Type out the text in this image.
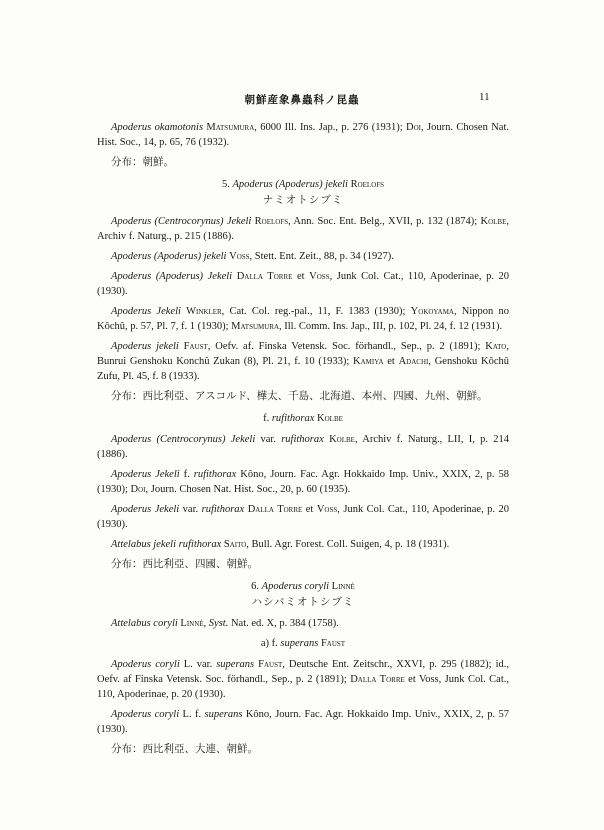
朝鮮産象鼻蟲科ノ昆蟲	11

Apoderus okamotonis Matsumura, 6000 Ill. Ins. Jap., p. 276 (1931); Doi, Journ. Chosen Nat. Hist. Soc., 14, p. 65, 76 (1932).

分布：朝鮮。

5. Apoderus (Apoderus) jekeli Roelofs
ナミオトシブミ

Apoderus (Centrocorynus) Jekeli Roelofs, Ann. Soc. Ent. Belg., XVII, p. 132 (1874); Kolbe, Archiv f. Naturg., p. 215 (1886).

Apoderus (Apoderus) jekeli Voss, Stett. Ent. Zeit., 88, p. 34 (1927).

Apoderus (Apoderus) Jekeli Dalla Torre et Voss, Junk Col. Cat., 110, Apoderinae, p. 20 (1930).

Apoderus Jekeli Winkler, Cat. Col. reg.-pal., 11, F. 1383 (1930); Yokoyama, Nippon no Kôchû, p. 57, Pl. 7, f. 1 (1930); Matsumura, Ill. Comm. Ins. Jap., III, p. 102, Pl. 24, f. 12 (1931).

Apoderus jekeli Faust, Oefv. af. Finska Vetensk. Soc. förhandl., Sep., p. 2 (1891); Kato, Bunrui Genshoku Konchû Zukan (8), Pl. 21, f. 10 (1933); Kamiya et Adachi, Genshoku Kôchû Zufu, Pl. 45, f. 8 (1933).

分布：西比利亞、アスコルド、樺太、千島、北海道、本州、四國、九州、朝鮮。

f. rufithorax Kolbe

Apoderus (Centrocorynus) Jekeli var. rufithorax Kolbe, Archiv f. Naturg., LII, I, p. 214 (1886).

Apoderus Jekeli f. rufithorax Kôno, Journ. Fac. Agr. Hokkaido Imp. Univ., XXIX, 2, p. 58 (1930); Doi, Journ. Chosen Nat. Hist. Soc., 20, p. 60 (1935).

Apoderus Jekeli var. rufithorax Dalla Torre et Voss, Junk Col. Cat., 110, Apoderinae, p. 20 (1930).

Attelabus jekeli rufithorax Saito, Bull. Agr. Forest. Coll. Suigen, 4, p. 18 (1931).

分布：西比利亞、四國、朝鮮。

6. Apoderus coryli Linné
ハシバミオトシブミ

Attelabus coryli Linné, Syst. Nat. ed. X, p. 384 (1758).

a) f. superans Faust

Apoderus coryli L. var. superans Faust, Deutsche Ent. Zeitschr., XXVI, p. 295 (1882); id., Oefv. af Finska Vetensk. Soc. förhandl., Sep., p. 2 (1891); Dalla Torre et Voss, Junk Col. Cat., 110, Apoderinae, p. 20 (1930).

Apoderus coryli L. f. superans Kôno, Journ. Fac. Agr. Hokkaido Imp. Univ., XXIX, 2, p. 57 (1930).

分布：西比利亞、大連、朝鮮。
